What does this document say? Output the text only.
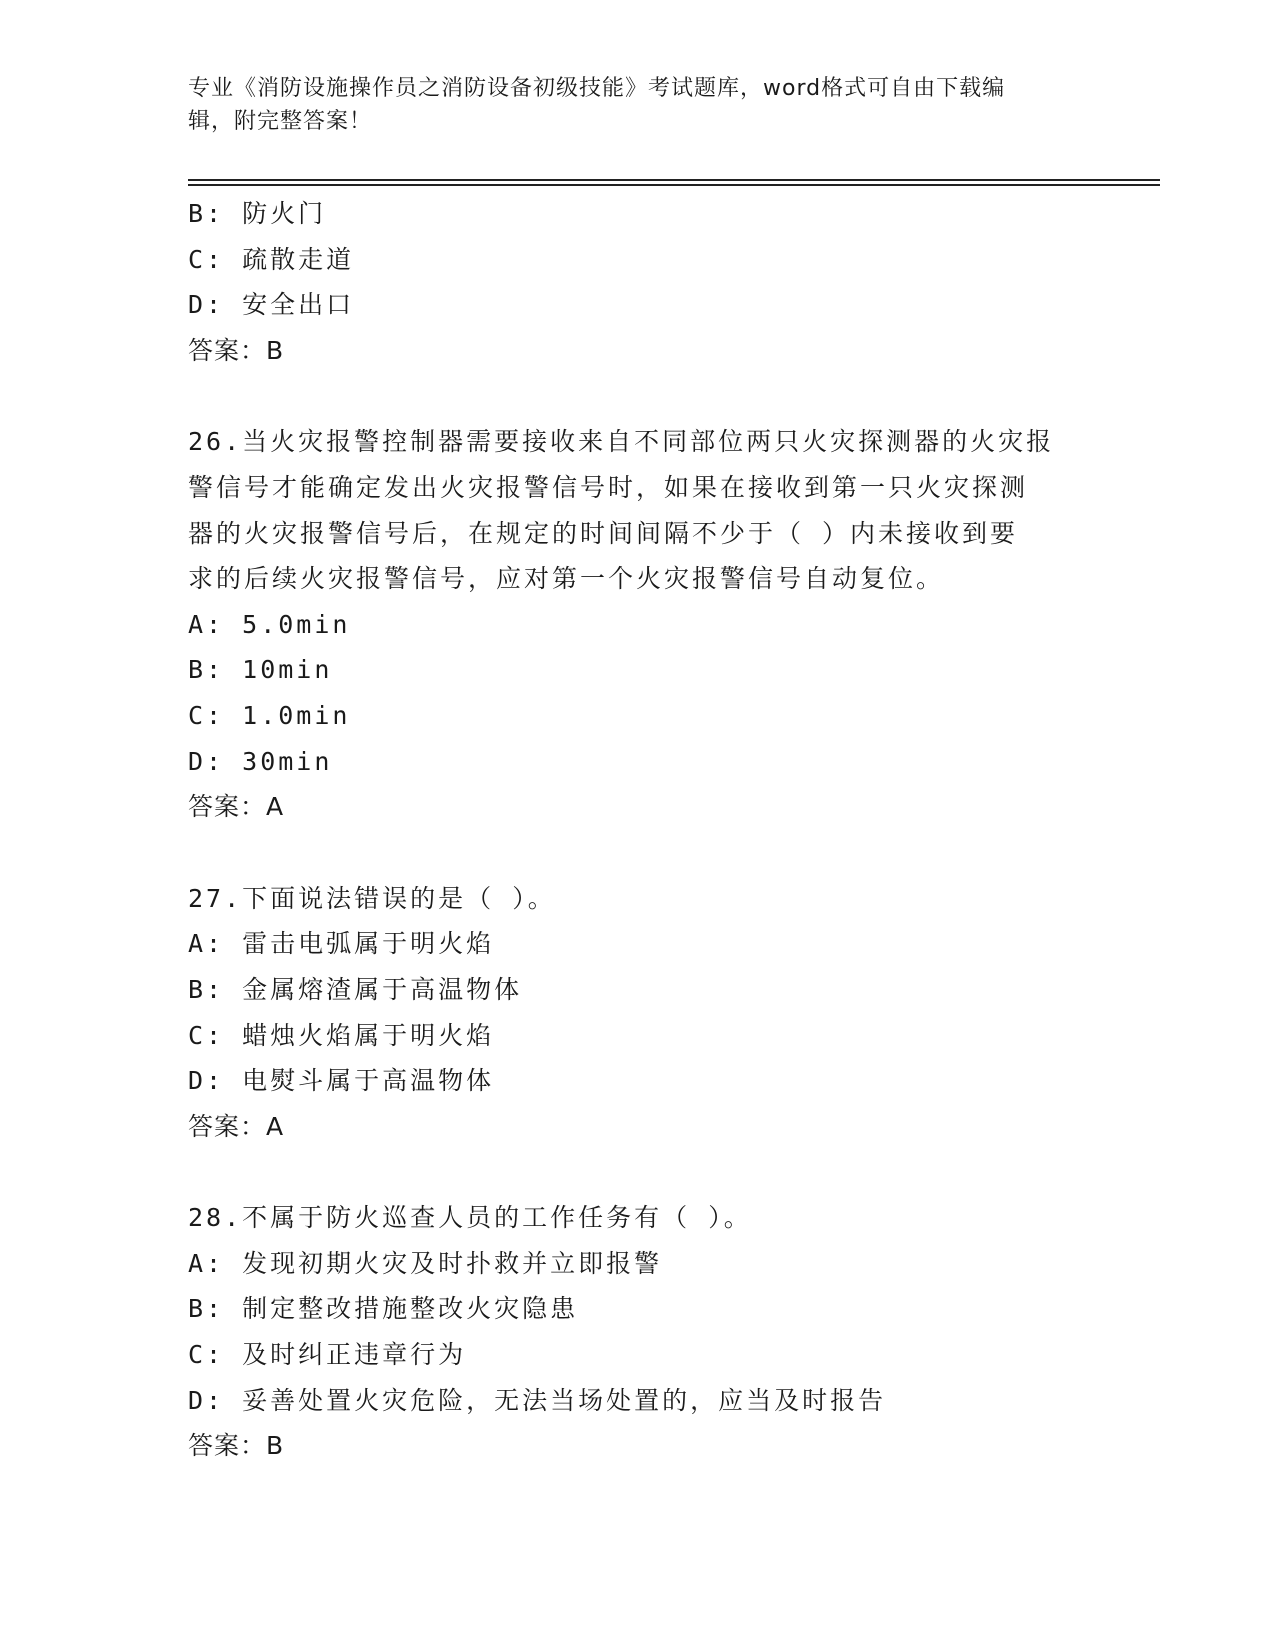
专业《消防设施操作员之消防设备初级技能》考试题库，word格式可自由下载编
辑，附完整答案！
B: 防火门
C: 疏散走道
D: 安全出口
答案：B
26.当火灾报警控制器需要接收来自不同部位两只火灾探测器的火灾报
警信号才能确定发出火灾报警信号时，如果在接收到第一只火灾探测
器的火灾报警信号后，在规定的时间间隔不少于（ ）内未接收到要
求的后续火灾报警信号，应对第一个火灾报警信号自动复位。
A: 5.0min
B: 10min
C: 1.0min
D: 30min
答案：A
27.下面说法错误的是（ ）。
A: 雷击电弧属于明火焰
B: 金属熔渣属于高温物体
C: 蜡烛火焰属于明火焰
D: 电熨斗属于高温物体
答案：A
28.不属于防火巡查人员的工作任务有（ ）。
A: 发现初期火灾及时扑救并立即报警
B: 制定整改措施整改火灾隐患
C: 及时纠正违章行为
D: 妥善处置火灾危险，无法当场处置的，应当及时报告
答案：B
